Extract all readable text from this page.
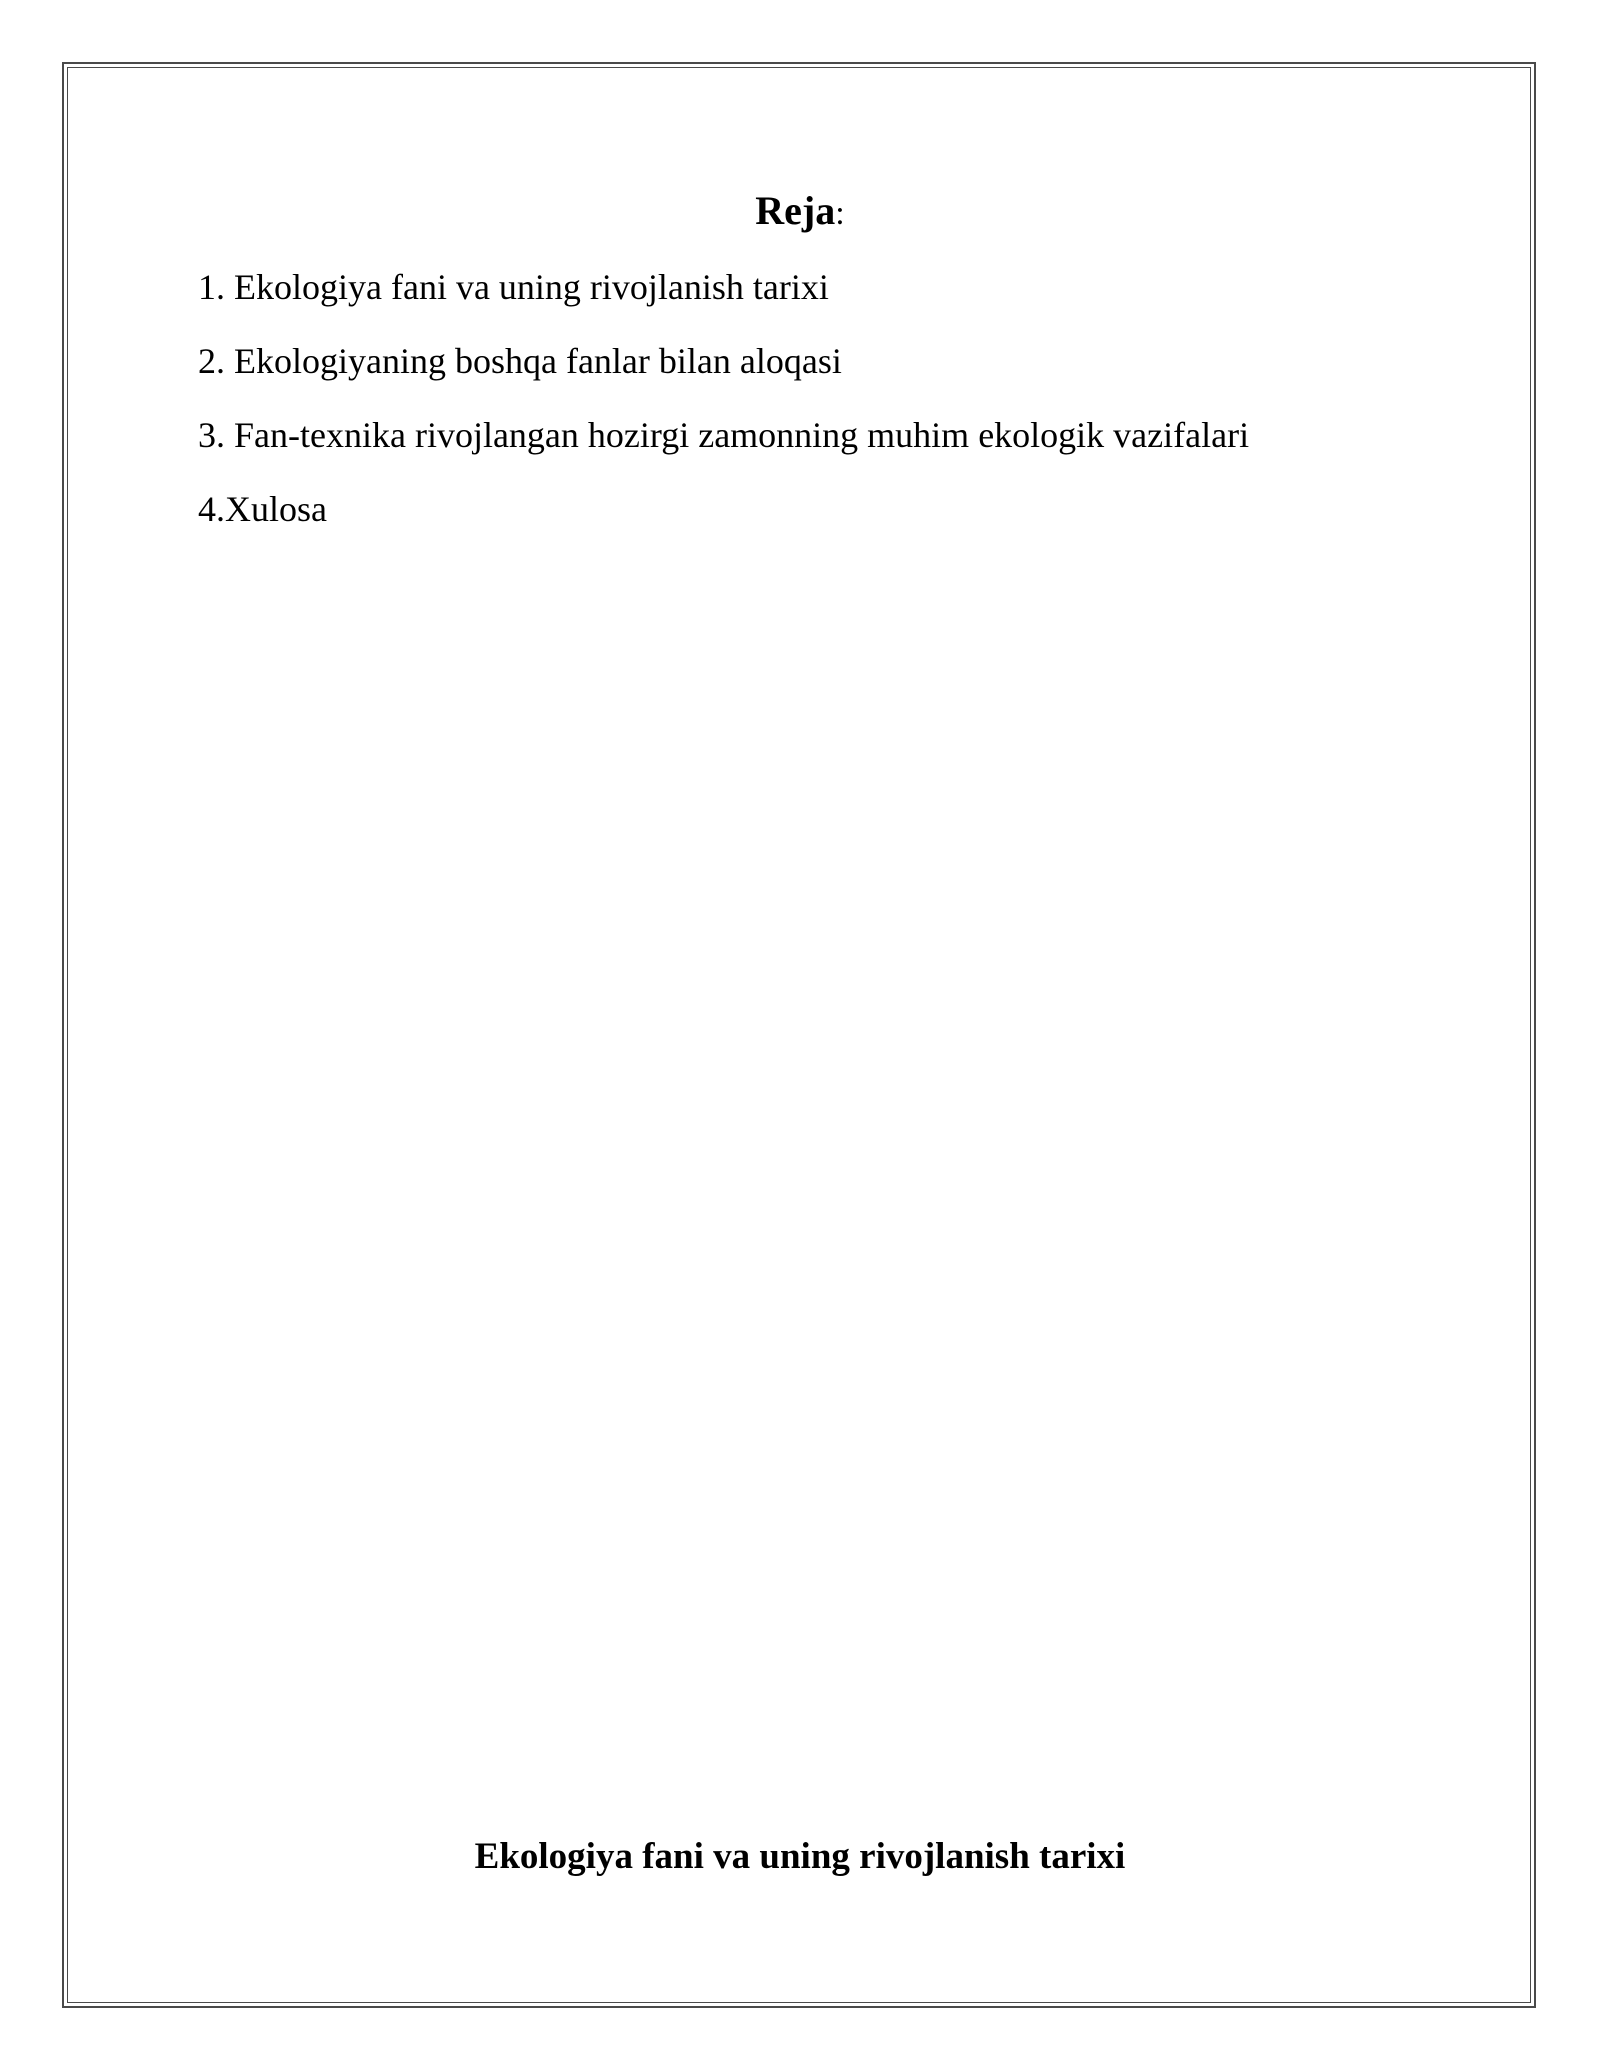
Reja:
1. Ekologiya fani va uning rivojlanish tarixi
2. Ekologiyaning boshqa fanlar bilan aloqasi
3. Fan-texnika rivojlangan hozirgi zamonning muhim ekologik vazifalari
4.Xulosa
Ekologiya fani va uning rivojlanish tarixi
